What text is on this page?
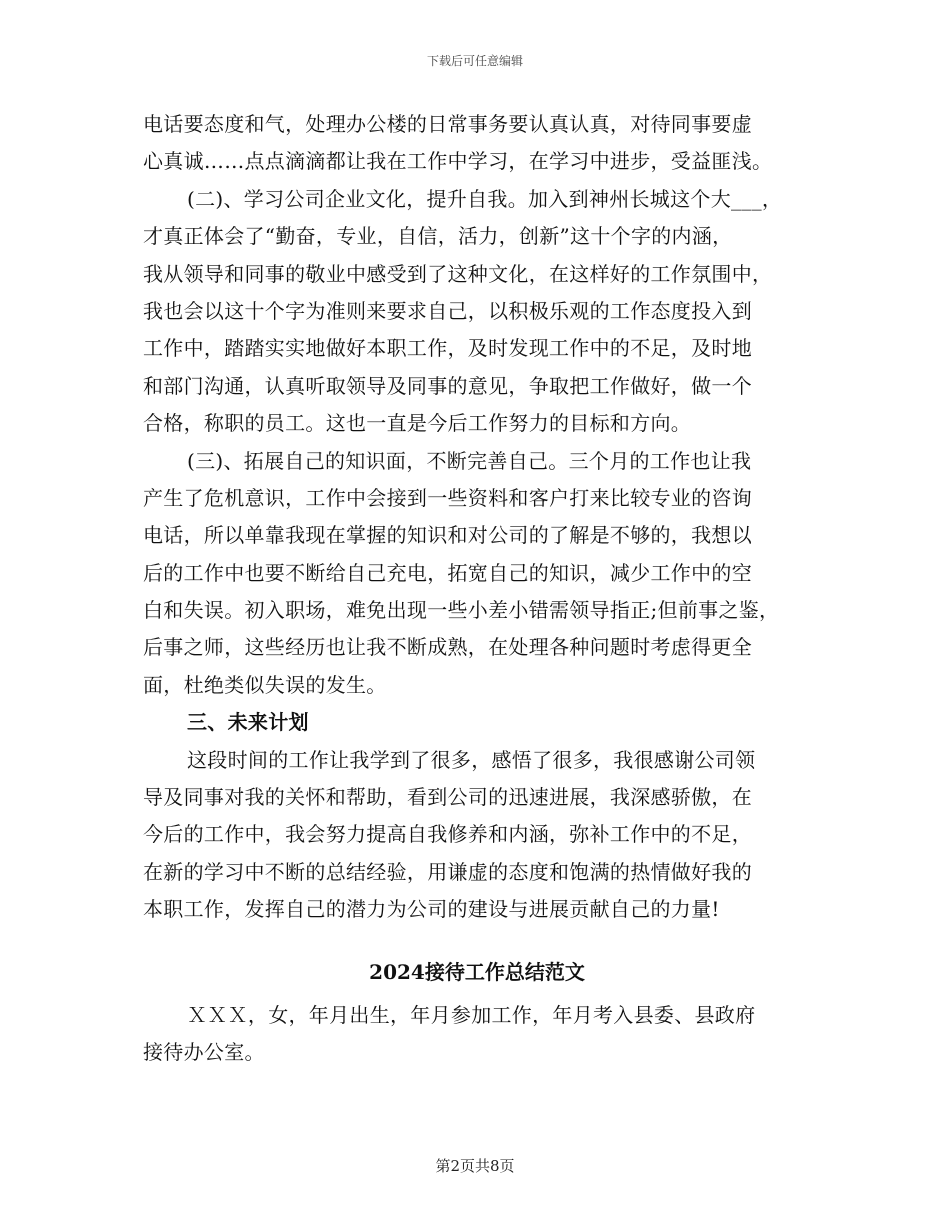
下载后可任意编辑
电话要态度和气，处理办公楼的日常事务要认真认真，对待同事要虚
心真诚……点点滴滴都让我在工作中学习，在学习中进步，受益匪浅。
(二)、学习公司企业文化，提升自我。加入到神州长城这个大___，
才真正体会了“勤奋，专业，自信，活力，创新”这十个字的内涵，
我从领导和同事的敬业中感受到了这种文化，在这样好的工作氛围中，
我也会以这十个字为准则来要求自己，以积极乐观的工作态度投入到
工作中，踏踏实实地做好本职工作，及时发现工作中的不足，及时地
和部门沟通，认真听取领导及同事的意见，争取把工作做好，做一个
合格，称职的员工。这也一直是今后工作努力的目标和方向。
(三)、拓展自己的知识面，不断完善自己。三个月的工作也让我
产生了危机意识，工作中会接到一些资料和客户打来比较专业的咨询
电话，所以单靠我现在掌握的知识和对公司的了解是不够的，我想以
后的工作中也要不断给自己充电，拓宽自己的知识，减少工作中的空
白和失误。初入职场，难免出现一些小差小错需领导指正;但前事之鉴，
后事之师，这些经历也让我不断成熟，在处理各种问题时考虑得更全
面，杜绝类似失误的发生。
三、未来计划
这段时间的工作让我学到了很多，感悟了很多，我很感谢公司领
导及同事对我的关怀和帮助，看到公司的迅速进展，我深感骄傲，在
今后的工作中，我会努力提高自我修养和内涵，弥补工作中的不足，
在新的学习中不断的总结经验，用谦虚的态度和饱满的热情做好我的
本职工作，发挥自己的潜力为公司的建设与进展贡献自己的力量!
2024接待工作总结范文
ＸＸＸ，女，年月出生，年月参加工作，年月考入县委、县政府
接待办公室。
第2页共8页
